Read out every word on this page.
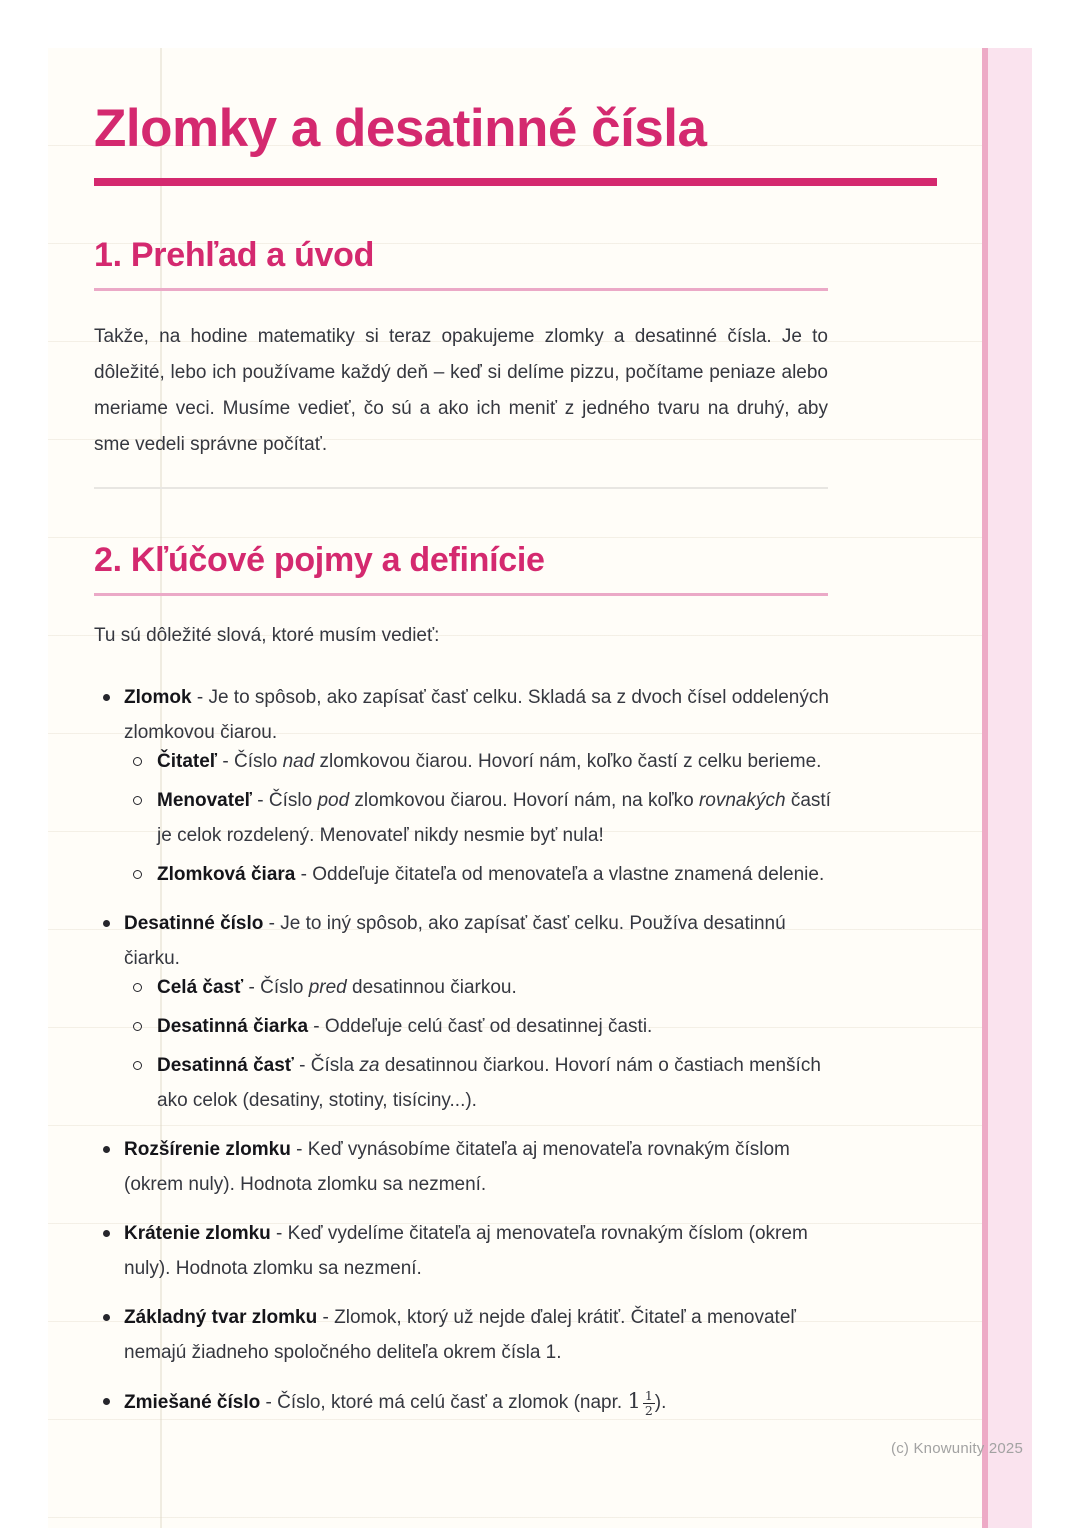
Zlomky a desatinné čísla
1. Prehľad a úvod

Takže, na hodine matematiky si teraz opakujeme zlomky a desatinné čísla. Je to dôležité, lebo ich používame každý deň – keď si delíme pizzu, počítame peniaze alebo meriame veci. Musíme vedieť, čo sú a ako ich meniť z jedného tvaru na druhý, aby sme vedeli správne počítať.

2. Kľúčové pojmy a definície

Tu sú dôležité slová, ktoré musím vedieť:

Zlomok - Je to spôsob, ako zapísať časť celku. Skladá sa z dvoch čísel oddelených zlomkovou čiarou.
Čitateľ - Číslo nad zlomkovou čiarou. Hovorí nám, koľko častí z celku berieme.
Menovateľ - Číslo pod zlomkovou čiarou. Hovorí nám, na koľko rovnakých častí je celok rozdelený. Menovateľ nikdy nesmie byť nula!
Zlomková čiara - Oddeľuje čitateľa od menovateľa a vlastne znamená delenie.
Desatinné číslo - Je to iný spôsob, ako zapísať časť celku. Používa desatinnú čiarku.
Celá časť - Číslo pred desatinnou čiarkou.
Desatinná čiarka - Oddeľuje celú časť od desatinnej časti.
Desatinná časť - Čísla za desatinnou čiarkou. Hovorí nám o častiach menších ako celok (desatiny, stotiny, tisíciny...).
Rozšírenie zlomku - Keď vynásobíme čitateľa aj menovateľa rovnakým číslom (okrem nuly). Hodnota zlomku sa nezmení.
Krátenie zlomku - Keď vydelíme čitateľa aj menovateľa rovnakým číslom (okrem nuly). Hodnota zlomku sa nezmení.
Základný tvar zlomku - Zlomok, ktorý už nejde ďalej krátiť. Čitateľ a menovateľ nemajú žiadneho spoločného deliteľa okrem čísla 1.
Zmiešané číslo - Číslo, ktoré má celú časť a zlomok (napr. $1 \frac{1}{2}$ ).
(c) Knowunity 2025
